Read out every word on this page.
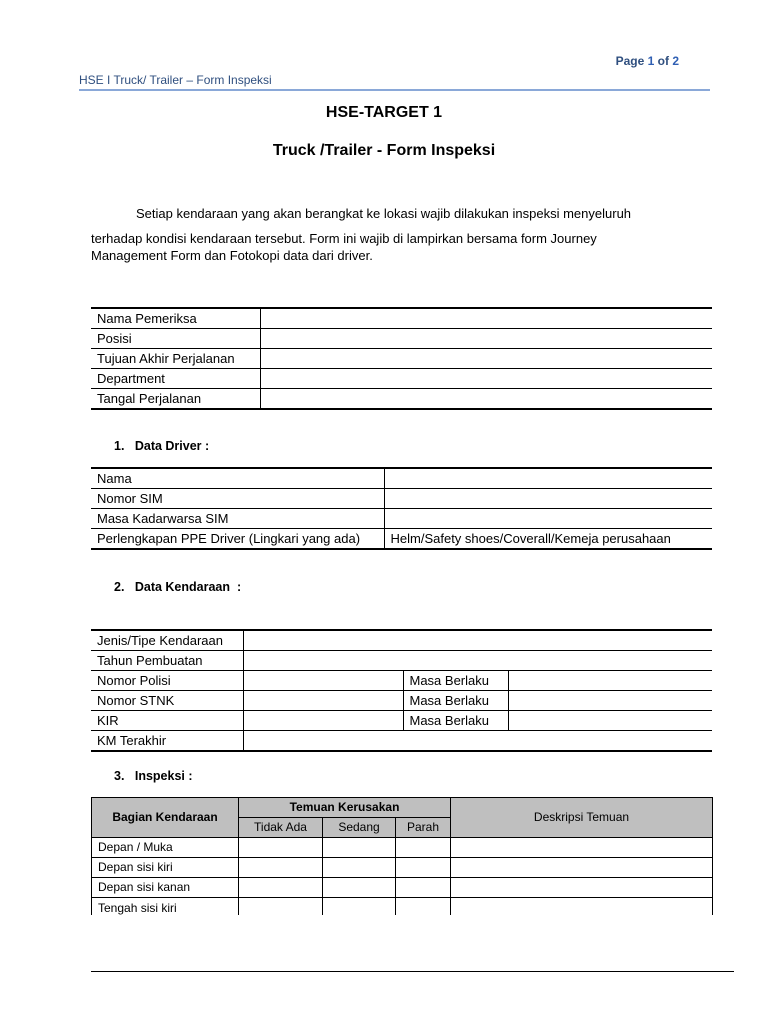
Page 1 of 2
HSE I Truck/ Trailer – Form Inspeksi
HSE-TARGET 1
Truck /Trailer - Form Inspeksi
Setiap kendaraan yang akan berangkat ke lokasi wajib dilakukan inspeksi menyeluruh
terhadap kondisi kendaraan tersebut. Form ini wajib di lampirkan bersama form Journey
Management Form dan Fotokopi data dari driver.
Nama Pemeriksa	
Posisi	
Tujuan Akhir Perjalanan	
Department	
Tangal Perjalanan	
1.   Data Driver :
Nama	
Nomor SIM	
Masa Kadarwarsa SIM	
Perlengkapan PPE Driver (Lingkari yang ada)	Helm/Safety shoes/Coverall/Kemeja perusahaan
2.   Data Kendaraan  :
Jenis/Tipe Kendaraan			
Tahun Pembuatan			
Nomor Polisi		Masa Berlaku	
Nomor STNK		Masa Berlaku	
KIR		Masa Berlaku	
KM Terakhir			
3.   Inspeksi :
Bagian Kendaraan	Temuan Kerusakan			Deskripsi Temuan
	Tidak Ada	Sedang	Parah	
Depan / Muka				
Depan sisi kiri				
Depan sisi kanan				
Tengah sisi kiri				
